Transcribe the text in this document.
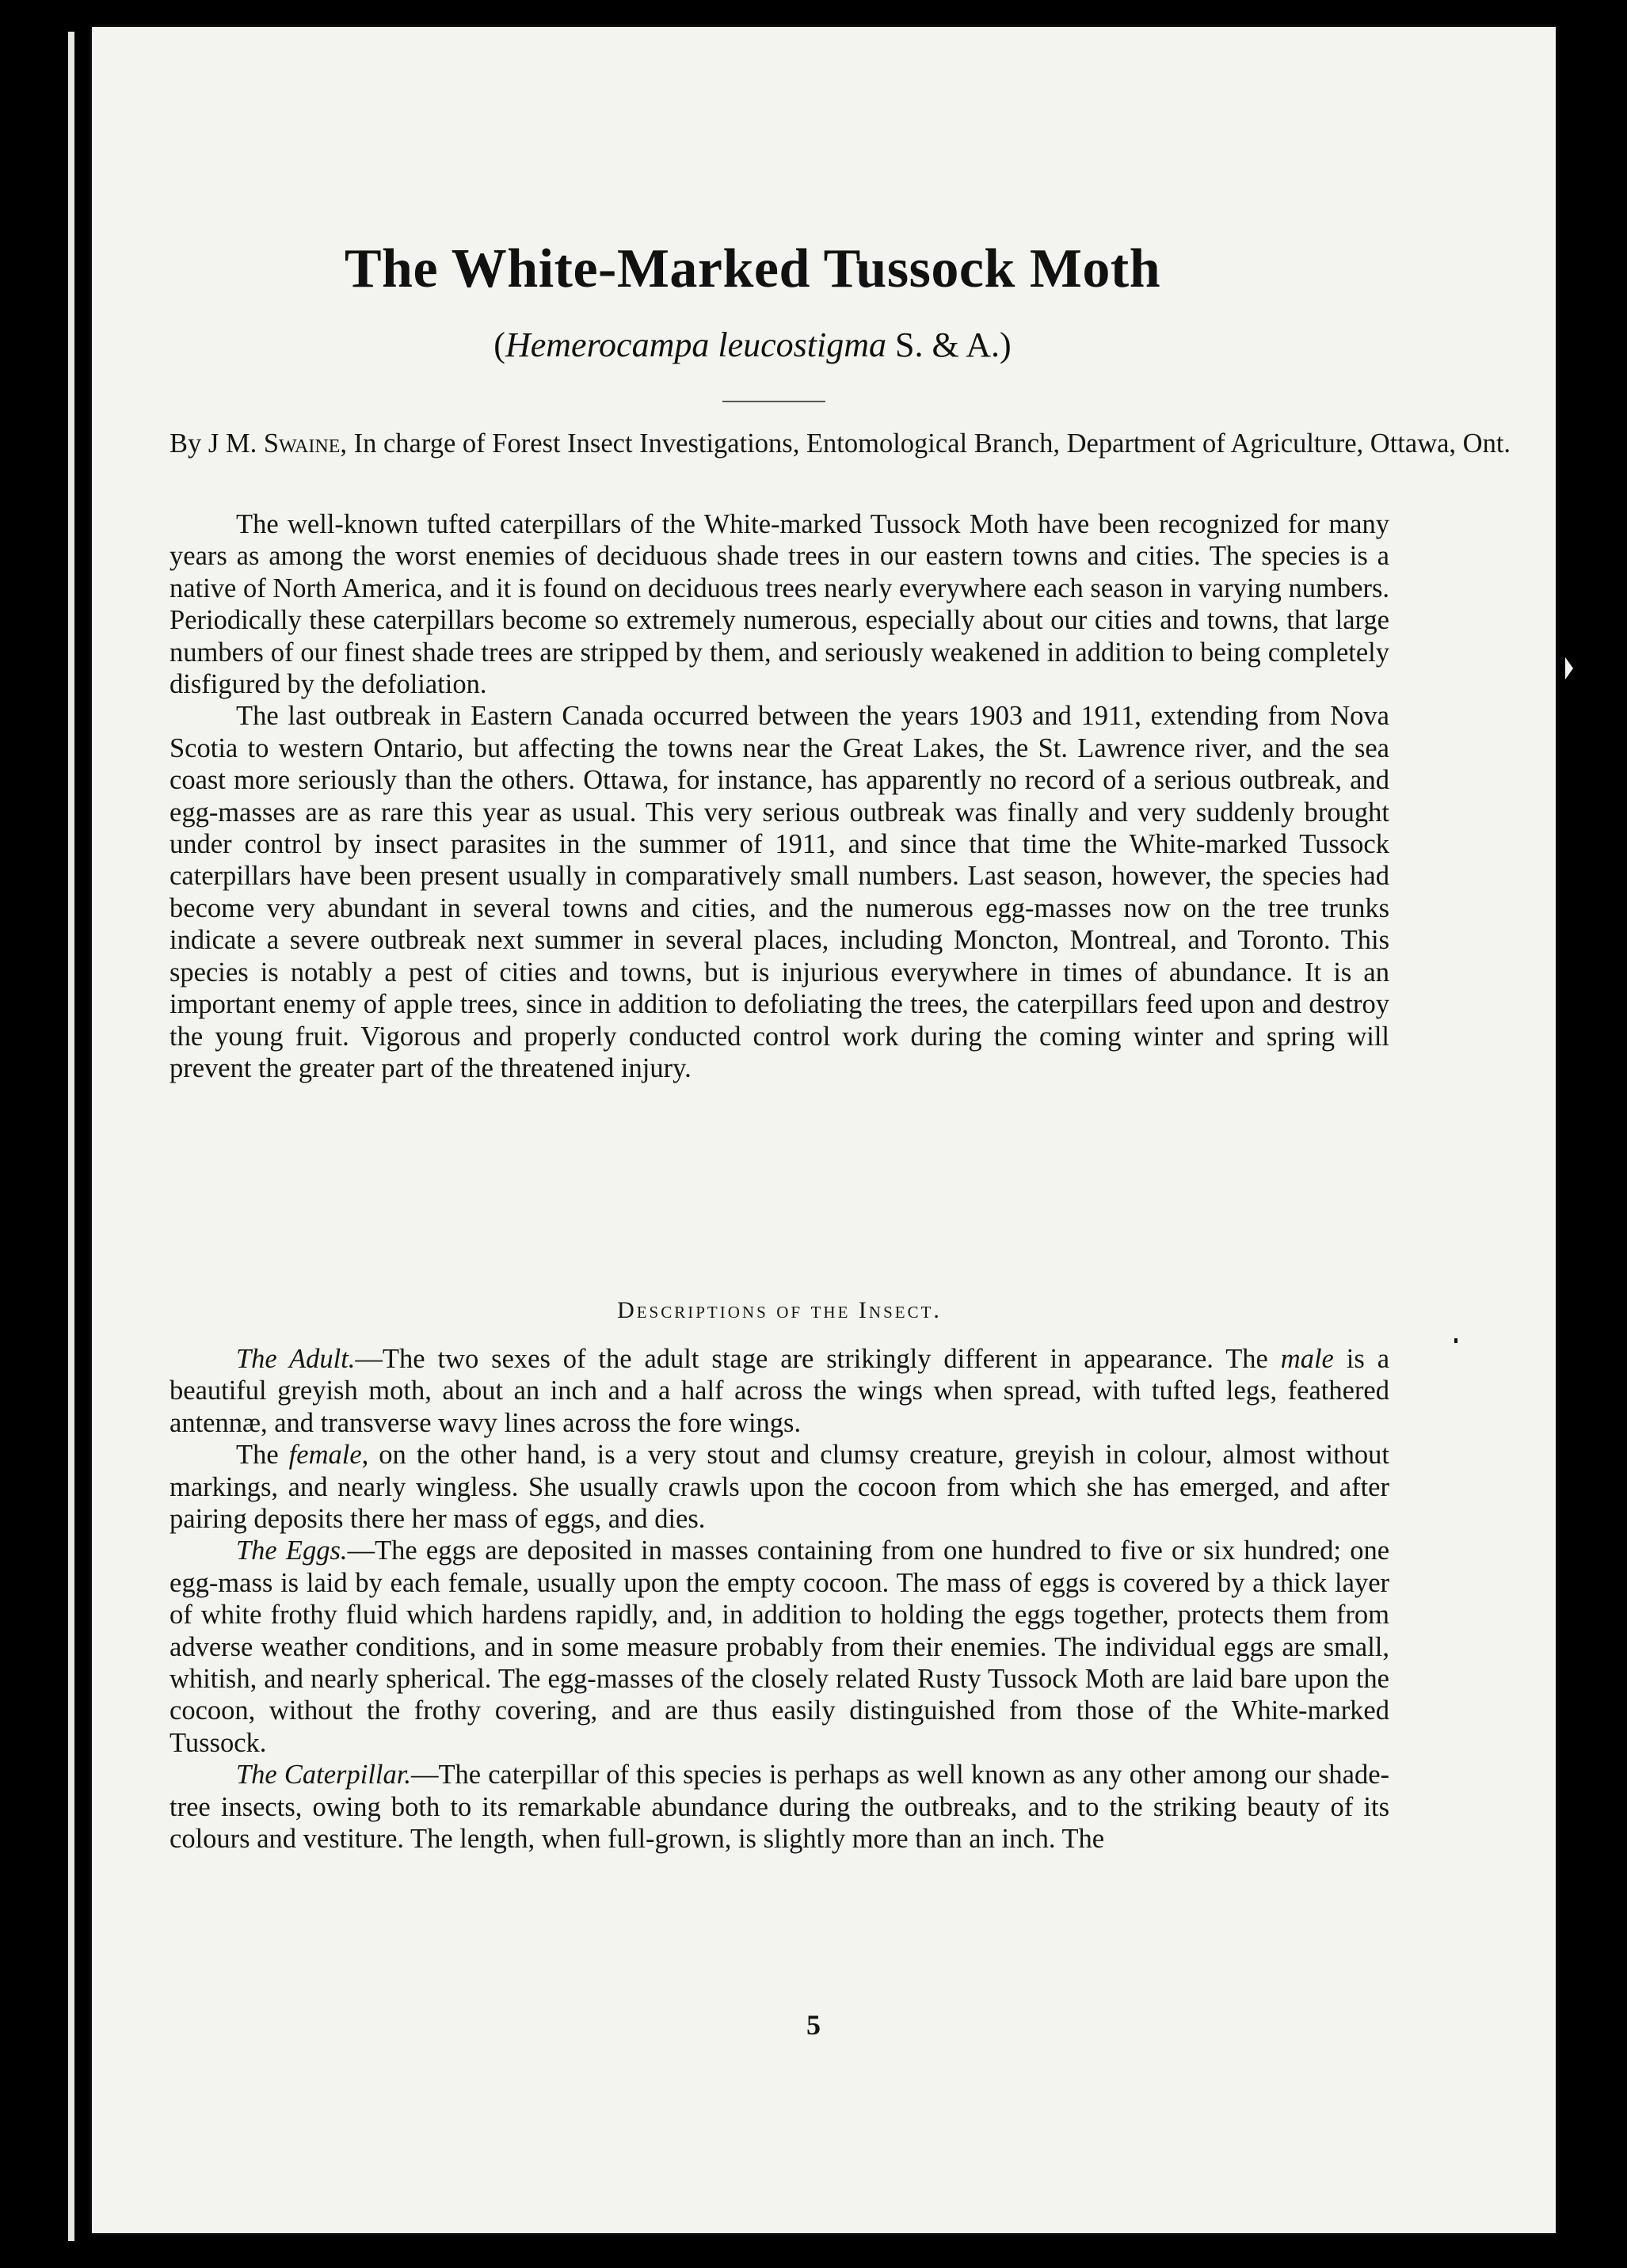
The White-Marked Tussock Moth
(Hemerocampa leucostigma S. & A.)
By J M. Swaine, In charge of Forest Insect Investigations, Entomological Branch, Department of Agriculture, Ottawa, Ont.

The well-known tufted caterpillars of the White-marked Tussock Moth have been recognized for many years as among the worst enemies of deciduous shade trees in our eastern towns and cities. The species is a native of North America, and it is found on deciduous trees nearly everywhere each season in varying numbers. Periodically these caterpillars become so extremely numerous, especially about our cities and towns, that large numbers of our finest shade trees are stripped by them, and seriously weakened in addition to being completely disfigured by the defoliation.

The last outbreak in Eastern Canada occurred between the years 1903 and 1911, extending from Nova Scotia to western Ontario, but affecting the towns near the Great Lakes, the St. Lawrence river, and the sea coast more seriously than the others. Ottawa, for instance, has apparently no record of a serious outbreak, and egg-masses are as rare this year as usual. This very serious outbreak was finally and very suddenly brought under control by insect parasites in the summer of 1911, and since that time the White-marked Tussock caterpillars have been present usually in comparatively small numbers. Last season, however, the species had become very abundant in several towns and cities, and the numerous egg-masses now on the tree trunks indicate a severe outbreak next summer in several places, including Moncton, Montreal, and Toronto. This species is notably a pest of cities and towns, but is injurious everywhere in times of abundance. It is an important enemy of apple trees, since in addition to defoliating the trees, the caterpillars feed upon and destroy the young fruit. Vigorous and properly conducted control work during the coming winter and spring will prevent the greater part of the threatened injury.

Descriptions of the Insect.

The Adult.—The two sexes of the adult stage are strikingly different in appearance. The male is a beautiful greyish moth, about an inch and a half across the wings when spread, with tufted legs, feathered antennæ, and transverse wavy lines across the fore wings.

The female, on the other hand, is a very stout and clumsy creature, greyish in colour, almost without markings, and nearly wingless. She usually crawls upon the cocoon from which she has emerged, and after pairing deposits there her mass of eggs, and dies.

The Eggs.—The eggs are deposited in masses containing from one hundred to five or six hundred; one egg-mass is laid by each female, usually upon the empty cocoon. The mass of eggs is covered by a thick layer of white frothy fluid which hardens rapidly, and, in addition to holding the eggs together, protects them from adverse weather conditions, and in some measure probably from their enemies. The individual eggs are small, whitish, and nearly spherical. The egg-masses of the closely related Rusty Tussock Moth are laid bare upon the cocoon, without the frothy covering, and are thus easily distinguished from those of the White-marked Tussock.

The Caterpillar.—The caterpillar of this species is perhaps as well known as any other among our shade-tree insects, owing both to its remarkable abundance during the outbreaks, and to the striking beauty of its colours and vestiture. The length, when full-grown, is slightly more than an inch. The

5
